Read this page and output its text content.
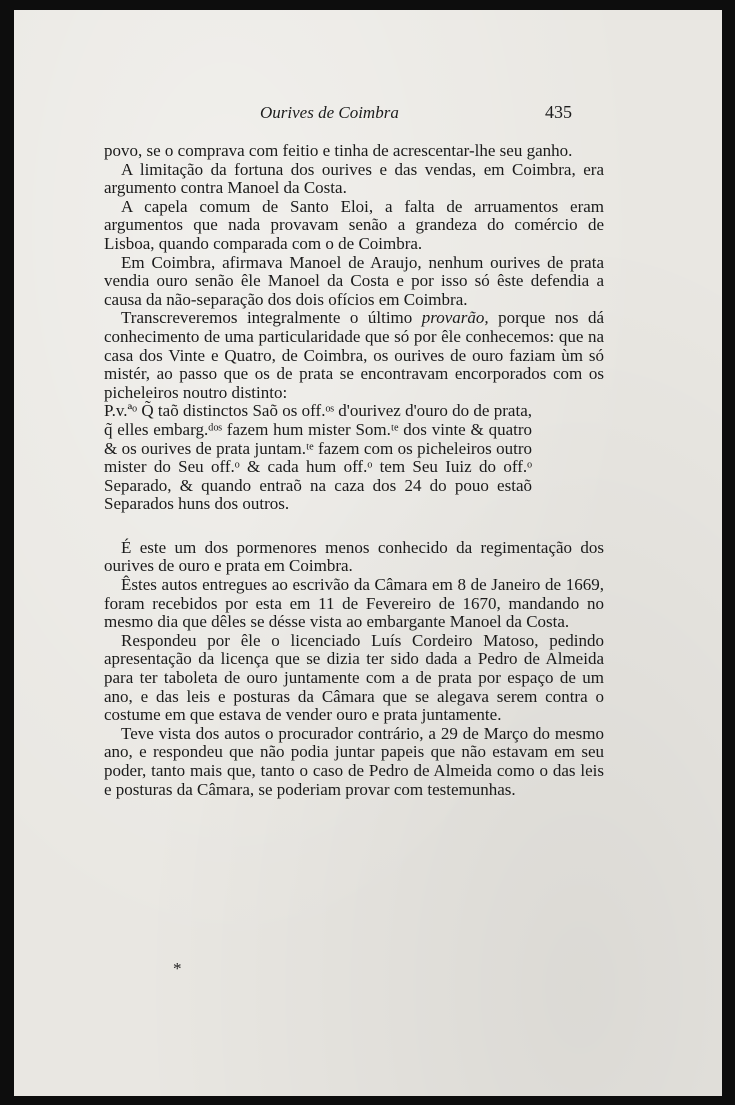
Ourives de Coimbra	435

povo, se o comprava com feitio e tinha de acrescentar-lhe seu ganho.

A limitação da fortuna dos ourives e das vendas, em Coimbra, era argumento contra Manoel da Costa.

A capela comum de Santo Eloi, a falta de arruamentos eram argumentos que nada provavam senão a grandeza do comércio de Lisboa, quando comparada com o de Coimbra.

Em Coimbra, afirmava Manoel de Araujo, nenhum ourives de prata vendia ouro senão êle Manoel da Costa e por isso só êste defendia a causa da não-separação dos dois ofícios em Coimbra.

Transcreveremos integralmente o último provarão, porque nos dá conhecimento de uma particularidade que só por êle conhecemos: que na casa dos Vinte e Quatro, de Coimbra, os ourives de ouro faziam ùm só mistér, ao passo que os de prata se encontravam encorporados com os picheleiros noutro distinto:

P.v.ªᵒ Q̃ taõ distinctos Saõ os off.ᵒˢ d'ourivez d'ouro do de prata, q̃ elles embarg.ᵈᵒˢ fazem hum mister Som.ᵗᵉ dos vinte & quatro & os ourives de prata juntam.ᵗᵉ fazem com os picheleiros outro mister do Seu off.ᵒ & cada hum off.ᵒ tem Seu Iuiz do off.ᵒ Separado, & quando entraõ na caza dos 24 do pouo estaõ Separados huns dos outros.

É este um dos pormenores menos conhecido da regimentação dos ourives de ouro e prata em Coimbra.

Êstes autos entregues ao escrivão da Câmara em 8 de Janeiro de 1669, foram recebidos por esta em 11 de Fevereiro de 1670, mandando no mesmo dia que dêles se désse vista ao embargante Manoel da Costa.

Respondeu por êle o licenciado Luís Cordeiro Matoso, pedindo apresentação da licença que se dizia ter sido dada a Pedro de Almeida para ter taboleta de ouro juntamente com a de prata por espaço de um ano, e das leis e posturas da Câmara que se alegava serem contra o costume em que estava de vender ouro e prata juntamente.

Teve vista dos autos o procurador contrário, a 29 de Março do mesmo ano, e respondeu que não podia juntar papeis que não estavam em seu poder, tanto mais que, tanto o caso de Pedro de Almeida como o das leis e posturas da Câmara, se poderiam provar com testemunhas.

*
